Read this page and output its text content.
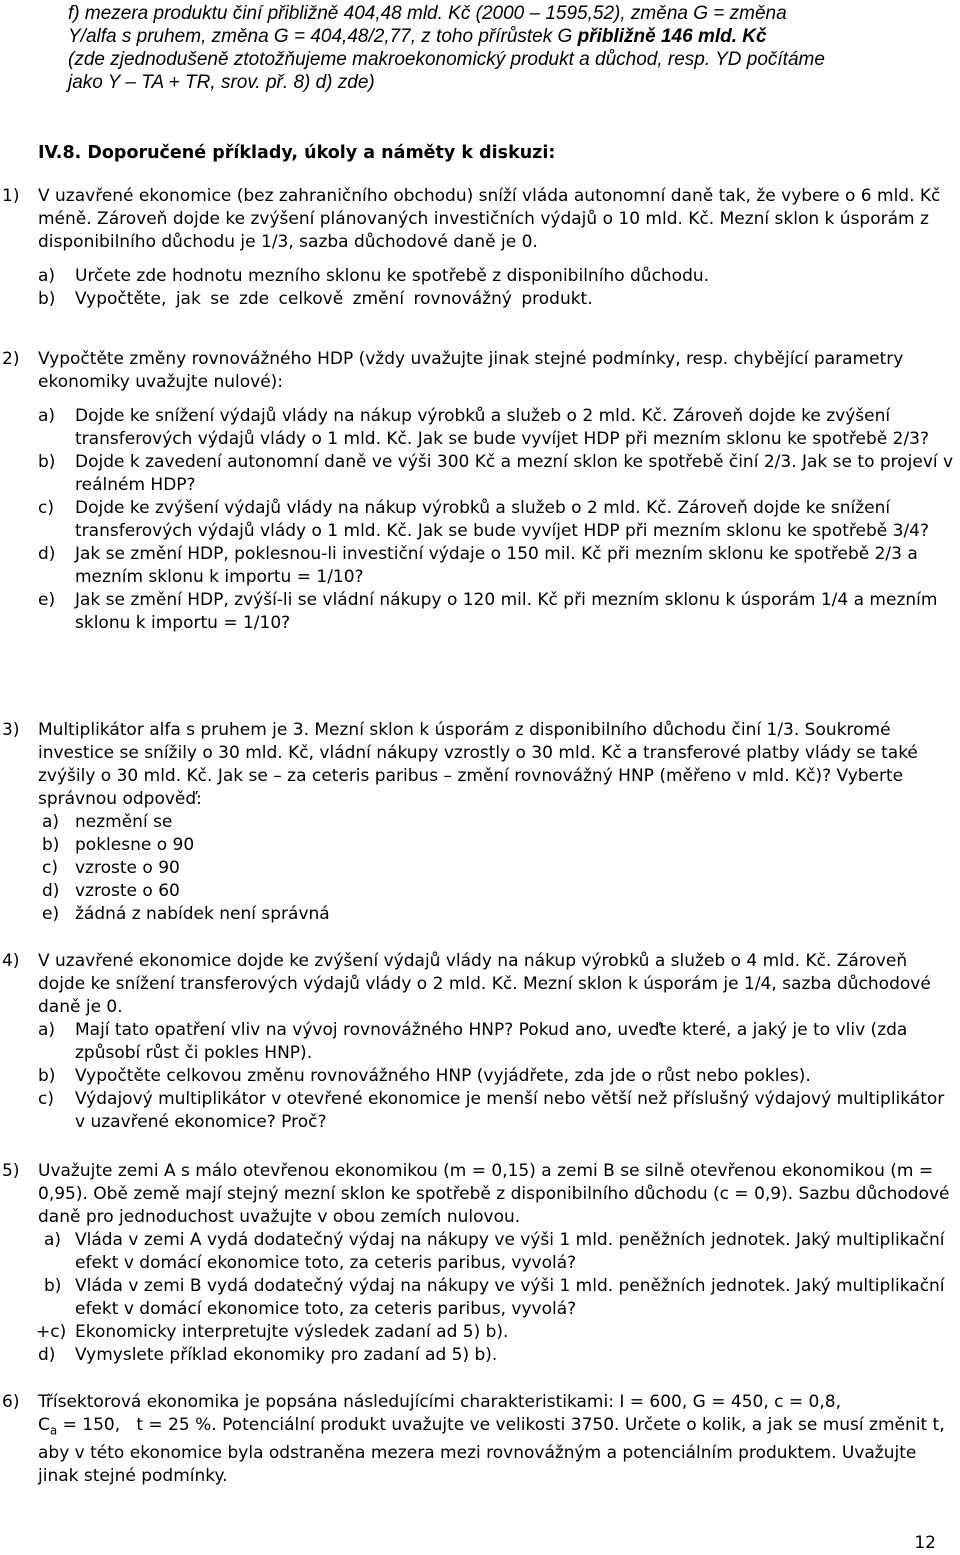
f) mezera produktu činí přibližně 404,48 mld. Kč (2000 – 1595,52), změna G = změna
Y/alfa s pruhem, změna G = 404,48/2,77, z toho přírůstek G přibližně 146 mld. Kč
(zde zjednodušeně ztotožňujeme makroekonomický produkt a důchod, resp. YD počítáme
jako Y – TA + TR, srov. př. 8) d) zde)
IV.8. Doporučené příklady, úkoly a náměty k diskuzi:
1)	V uzavřené ekonomice (bez zahraničního obchodu) sníží vláda autonomní daně tak, že vybere o 6 mld. Kč méně. Zároveň dojde ke zvýšení plánovaných investičních výdajů o 10 mld. Kč. Mezní sklon k úsporám z disponibilního důchodu je 1/3, sazba důchodové daně je 0.
a)	Určete zde hodnotu mezního sklonu ke spotřebě z disponibilního důchodu.
b)	Vypočtěte, jak se zde celkově změní rovnovážný produkt.
2)	Vypočtěte změny rovnovážného HDP (vždy uvažujte jinak stejné podmínky, resp. chybějící parametry ekonomiky uvažujte nulové):
a)	Dojde ke snížení výdajů vlády na nákup výrobků a služeb o 2 mld. Kč. Zároveň dojde ke zvýšení transferových výdajů vlády o 1 mld. Kč. Jak se bude vyvíjet HDP při mezním sklonu ke spotřebě 2/3?
b)	Dojde k zavedení autonomní daně ve výši 300 Kč a mezní sklon ke spotřebě činí 2/3. Jak se to projeví v reálném HDP?
c)	Dojde ke zvýšení výdajů vlády na nákup výrobků a služeb o 2 mld. Kč. Zároveň dojde ke snížení transferových výdajů vlády o 1 mld. Kč. Jak se bude vyvíjet HDP při mezním sklonu ke spotřebě 3/4?
d)	Jak se změní HDP, poklesnou-li investiční výdaje o 150 mil. Kč při mezním sklonu ke spotřebě 2/3 a mezním sklonu k importu = 1/10?
e)	Jak se změní HDP, zvýší-li se vládní nákupy o 120 mil. Kč při mezním sklonu k úsporám 1/4 a mezním sklonu k importu = 1/10?
3)	Multiplikátor alfa s pruhem je 3. Mezní sklon k úsporám z disponibilního důchodu činí 1/3. Soukromé investice se snížily o 30 mld. Kč, vládní nákupy vzrostly o 30 mld. Kč a transferové platby vlády se také zvýšily o 30 mld. Kč. Jak se – za ceteris paribus – změní rovnovážný HNP (měřeno v mld. Kč)? Vyberte správnou odpověď:
a) nezmění se
b) poklesne o 90
c)	vzroste o 90
d) vzroste o 60
e) žádná z nabídek není správná
4)	V uzavřené ekonomice dojde ke zvýšení výdajů vlády na nákup výrobků a služeb o 4 mld. Kč. Zároveň dojde ke snížení transferových výdajů vlády o 2 mld. Kč. Mezní sklon k úsporám je 1/4, sazba důchodové daně je 0.
a)	Mají tato opatření vliv na vývoj rovnovážného HNP? Pokud ano, uveďte které, a jaký je to vliv (zda způsobí růst či pokles HNP).
b)	Vypočtěte celkovou změnu rovnovážného HNP (vyjádřete, zda jde o růst nebo pokles).
c)	Výdajový multiplikátor v otevřené ekonomice je menší nebo větší než příslušný výdajový multiplikátor v uzavřené ekonomice? Proč?
5)	Uvažujte zemi A s málo otevřenou ekonomikou (m = 0,15) a zemi B se silně otevřenou ekonomikou (m = 0,95). Obě země mají stejný mezní sklon ke spotřebě z disponibilního důchodu (c = 0,9). Sazbu důchodové daně pro jednoduchost uvažujte v obou zemích nulovou.
a) Vláda v zemi A vydá dodatečný výdaj na nákupy ve výši 1 mld. peněžních jednotek. Jaký multiplikační efekt v domácí ekonomice toto, za ceteris paribus, vyvolá?
b) Vláda v zemi B vydá dodatečný výdaj na nákupy ve výši 1 mld. peněžních jednotek. Jaký multiplikační efekt v domácí ekonomice toto, za ceteris paribus, vyvolá?
+c) Ekonomicky interpretujte výsledek zadaní ad 5) b).
d)	Vymyslete příklad ekonomiky pro zadaní ad 5) b).
6)	Třísektorová ekonomika je popsána následujícími charakteristikami: I = 600, G = 450, c = 0,8,
$C_a = 150$,   t = 25 %. Potenciální produkt uvažujte ve velikosti 3750. Určete o kolik, a jak se musí změnit t, aby v této ekonomice byla odstraněna mezera mezi rovnovážným a potenciálním produktem. Uvažujte jinak stejné podmínky.
12
